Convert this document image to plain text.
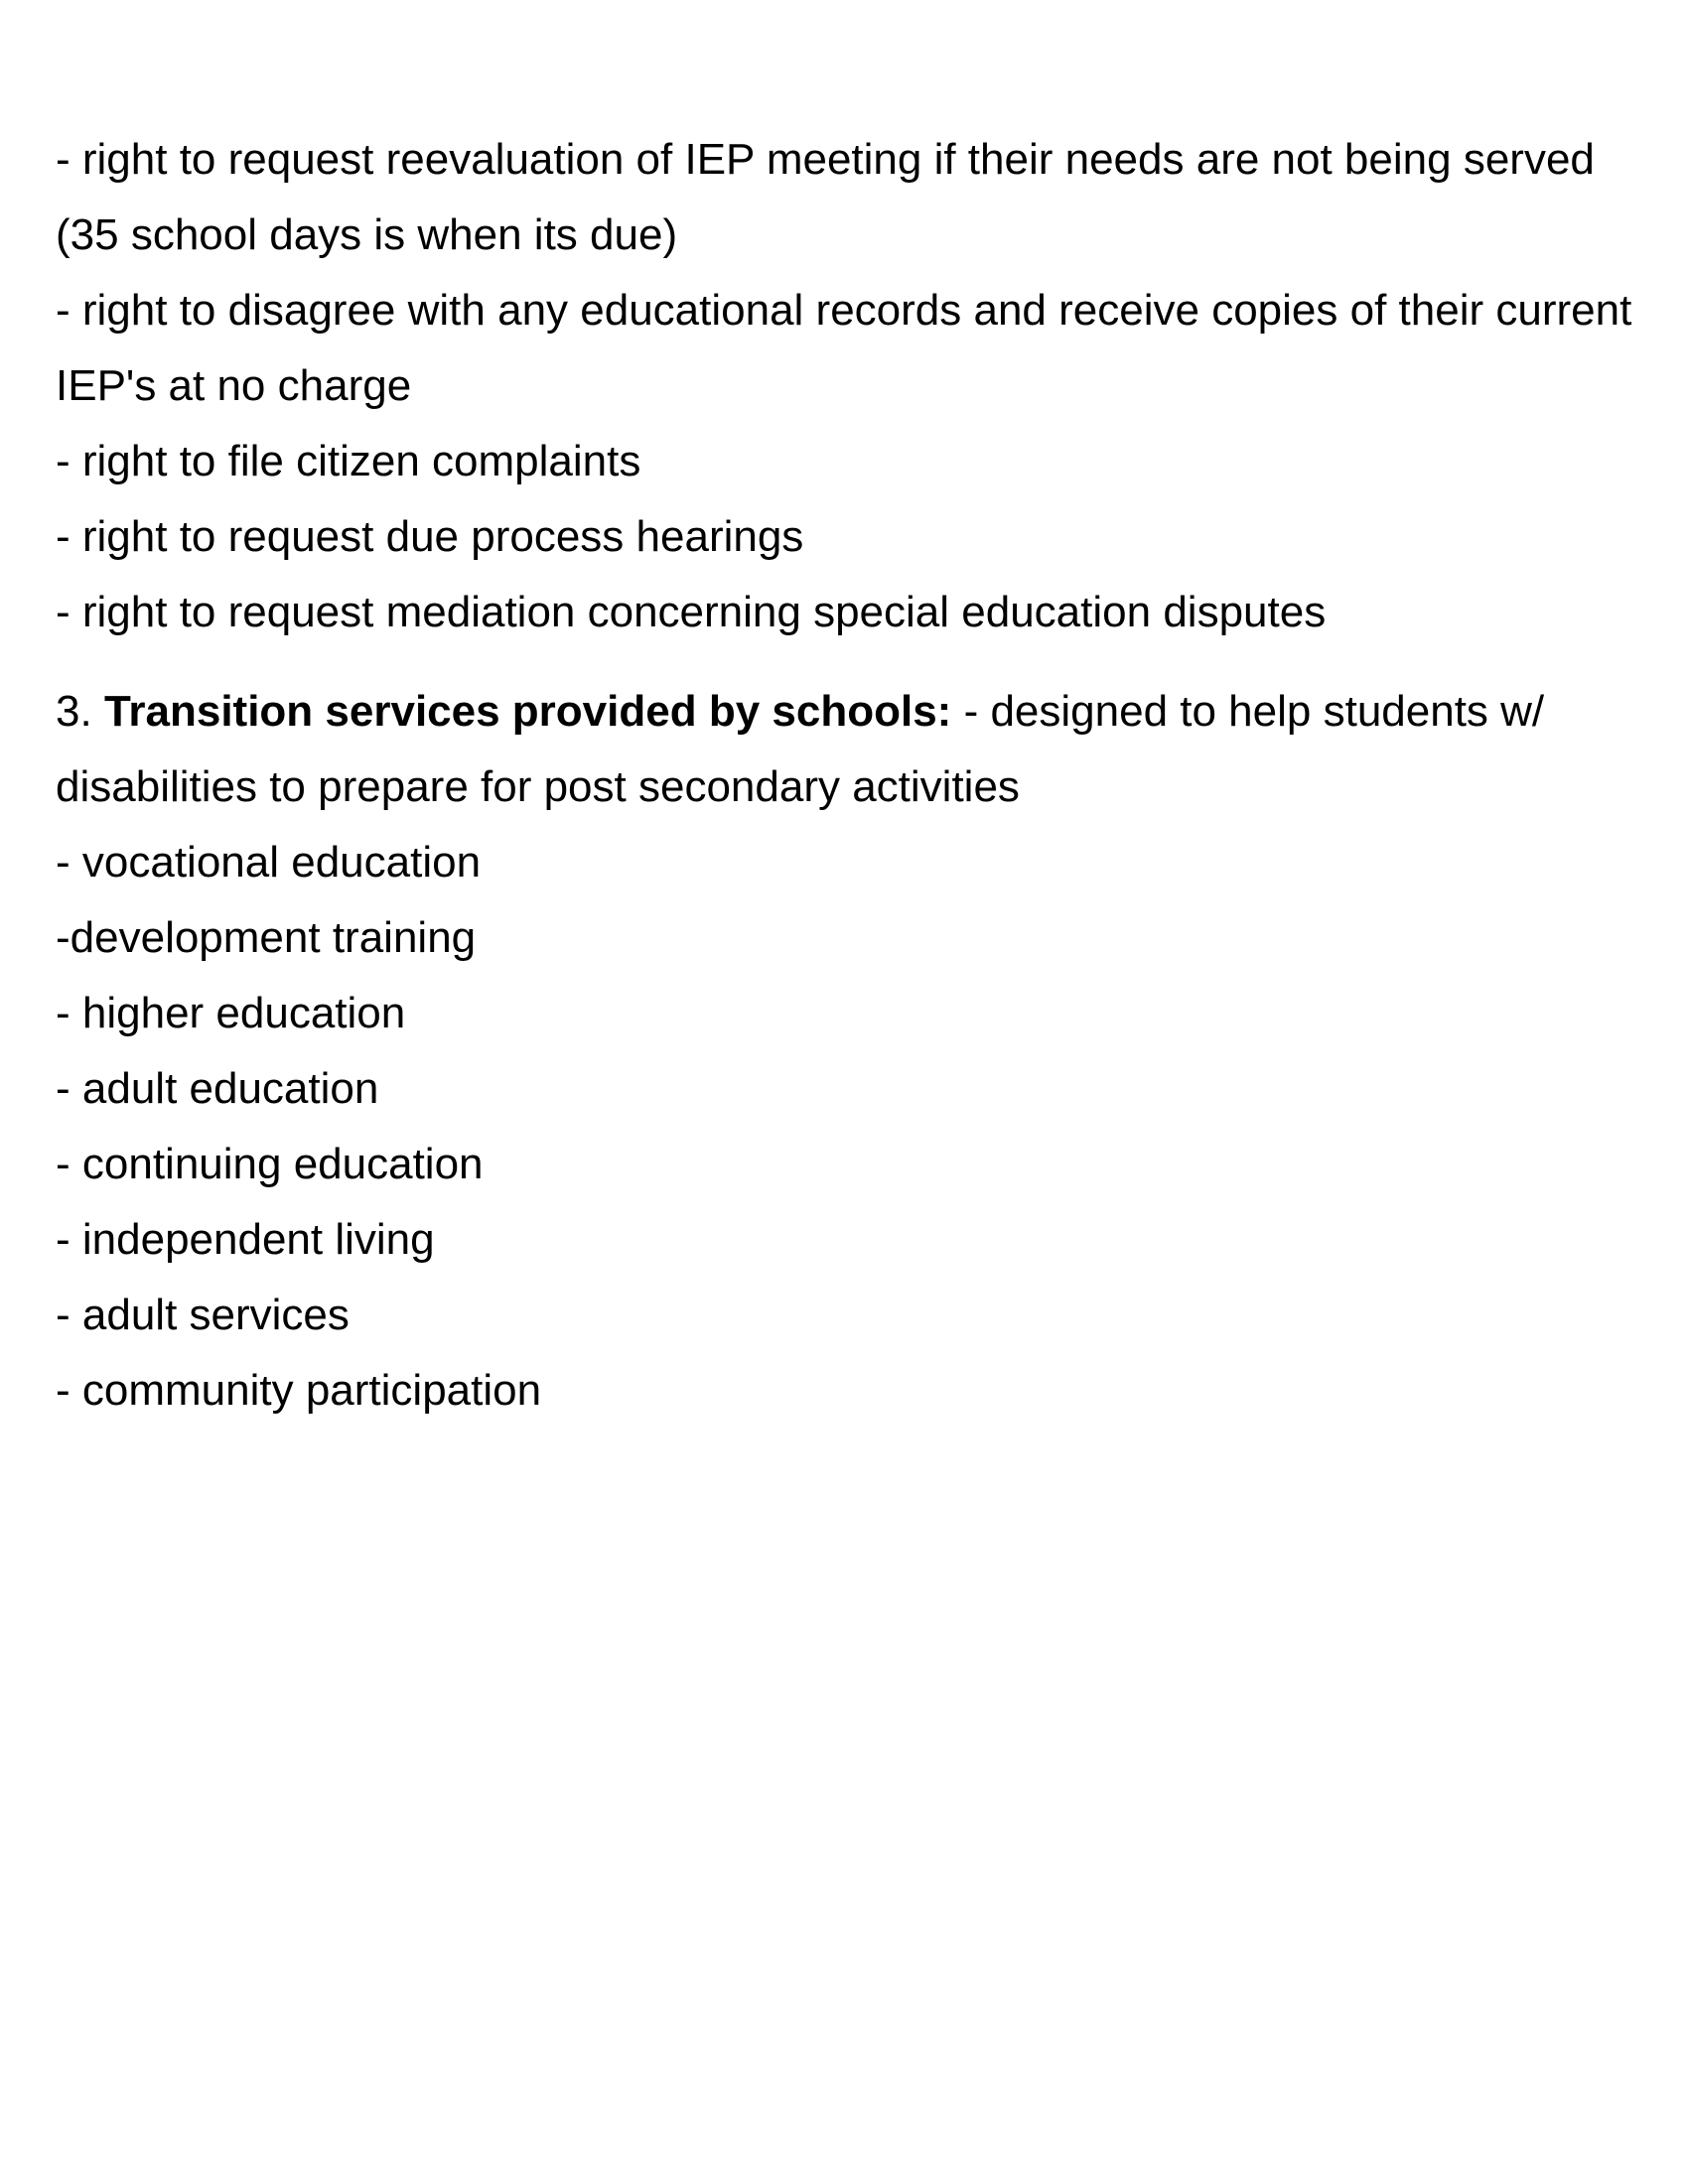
- right to request reevaluation of IEP meeting if their needs are not being served
(35 school days is when its due)
- right to disagree with any educational records and receive copies of their current
IEP's at no charge
- right to file citizen complaints
- right to request due process hearings
- right to request mediation concerning special education disputes
3. Transition services provided by schools: - designed to help students w/
disabilities to prepare for post secondary activities
- vocational education
-development training
- higher education
- adult education
- continuing education
- independent living
- adult services
- community participation
